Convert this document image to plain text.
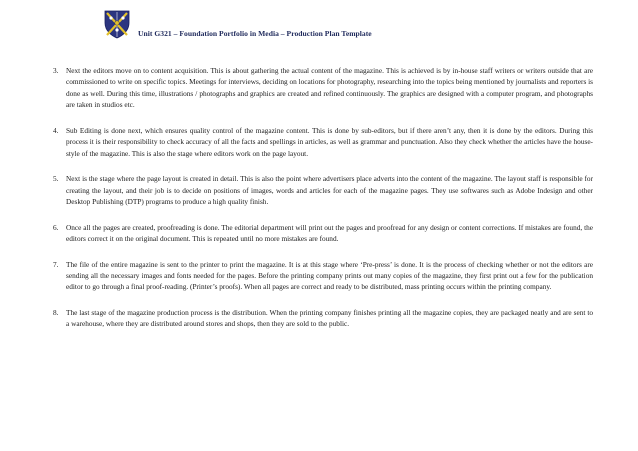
Unit G321 – Foundation Portfolio in Media – Production Plan Template
3. Next the editors move on to content acquisition. This is about gathering the actual content of the magazine. This is achieved is by in-house staff writers or writers outside that are commissioned to write on specific topics. Meetings for interviews, deciding on locations for photography, researching into the topics being mentioned by journalists and reporters is done as well. During this time, illustrations / photographs and graphics are created and refined continuously. The graphics are designed with a computer program, and photographs are taken in studios etc.
4. Sub Editing is done next, which ensures quality control of the magazine content. This is done by sub-editors, but if there aren’t any, then it is done by the editors. During this process it is their responsibility to check accuracy of all the facts and spellings in articles, as well as grammar and punctuation. Also they check whether the articles have the house-style of the magazine. This is also the stage where editors work on the page layout.
5. Next is the stage where the page layout is created in detail. This is also the point where advertisers place adverts into the content of the magazine. The layout staff is responsible for creating the layout, and their job is to decide on positions of images, words and articles for each of the magazine pages. They use softwares such as Adobe Indesign and other Desktop Publishing (DTP) programs to produce a high quality finish.
6. Once all the pages are created, proofreading is done. The editorial department will print out the pages and proofread for any design or content corrections. If mistakes are found, the editors correct it on the original document. This is repeated until no more mistakes are found.
7. The file of the entire magazine is sent to the printer to print the magazine. It is at this stage where ‘Pre-press’ is done. It is the process of checking whether or not the editors are sending all the necessary images and fonts needed for the pages. Before the printing company prints out many copies of the magazine, they first print out a few for the publication editor to go through a final proof-reading. (Printer’s proofs). When all pages are correct and ready to be distributed, mass printing occurs within the printing company.
8. The last stage of the magazine production process is the distribution. When the printing company finishes printing all the magazine copies, they are packaged neatly and are sent to a warehouse, where they are distributed around stores and shops, then they are sold to the public.
